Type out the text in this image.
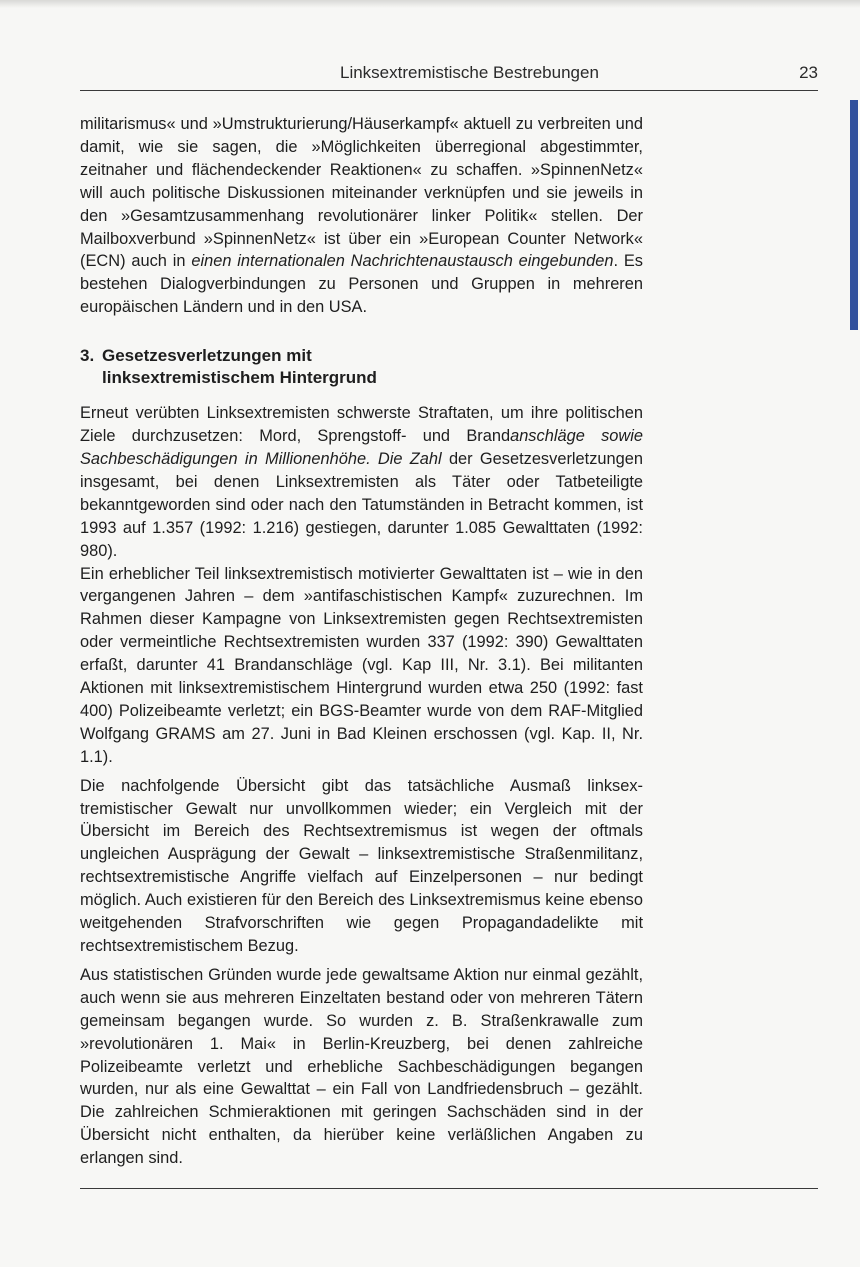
Linksextremistische Bestrebungen	23

militarismus« und »Umstrukturierung/Häuserkampf« aktuell zu verbreiten und damit, wie sie sagen, die »Möglichkeiten überregional abgestimmter, zeitnaher und flächendeckender Reaktionen« zu schaffen. »SpinnenNetz« will auch politische Diskussionen miteinander verknüpfen und sie jeweils in den »Gesamtzusammenhang revolutionärer linker Politik« stellen. Der Mailboxverbund »SpinnenNetz« ist über ein »European Counter Network« (ECN) auch in einen internationalen Nachrichtenaustausch eingebunden. Es bestehen Dialogverbindungen zu Personen und Gruppen in mehreren europäischen Ländern und in den USA.

3. Gesetzesverletzungen mit
linksextremistischem Hintergrund

Erneut verübten Linksextremisten schwerste Straftaten, um ihre politischen Ziele durchzusetzen: Mord, Sprengstoff- und Brandanschläge sowie Sachbeschädigungen in Millionenhöhe. Die Zahl der Gesetzesverletzungen insgesamt, bei denen Linksextremisten als Täter oder Tatbeteiligte bekanntgeworden sind oder nach den Tatumständen in Betracht kommen, ist 1993 auf 1.357 (1992: 1.216) gestiegen, darunter 1.085 Gewalttaten (1992: 980).

Ein erheblicher Teil linksextremistisch motivierter Gewalttaten ist – wie in den vergangenen Jahren – dem »antifaschistischen Kampf« zuzurechnen. Im Rahmen dieser Kampagne von Linksextremisten gegen Rechtsextremisten oder vermeintliche Rechtsextremisten wurden 337 (1992: 390) Gewalttaten erfaßt, darunter 41 Brandanschläge (vgl. Kap III, Nr. 3.1). Bei militanten Aktionen mit linksextremistischem Hintergrund wurden etwa 250 (1992: fast 400) Polizeibeamte verletzt; ein BGS-Beamter wurde von dem RAF-Mitglied Wolfgang GRAMS am 27. Juni in Bad Kleinen erschossen (vgl. Kap. II, Nr. 1.1).

Die nachfolgende Übersicht gibt das tatsächliche Ausmaß linksextremistischer Gewalt nur unvollkommen wieder; ein Vergleich mit der Übersicht im Bereich des Rechtsextremismus ist wegen der oftmals ungleichen Ausprägung der Gewalt – linksextremistische Straßenmilitanz, rechtsextremistische Angriffe vielfach auf Einzelpersonen – nur bedingt möglich. Auch existieren für den Bereich des Linksextremismus keine ebenso weitgehenden Strafvorschriften wie gegen Propagandadelikte mit rechtsextremistischem Bezug.

Aus statistischen Gründen wurde jede gewaltsame Aktion nur einmal gezählt, auch wenn sie aus mehreren Einzeltaten bestand oder von mehreren Tätern gemeinsam begangen wurde. So wurden z. B. Straßenkrawalle zum »revolutionären 1. Mai« in Berlin-Kreuzberg, bei denen zahlreiche Polizeibeamte verletzt und erhebliche Sachbeschädigungen begangen wurden, nur als eine Gewalttat – ein Fall von Landfriedensbruch – gezählt. Die zahlreichen Schmieraktionen mit geringen Sachschäden sind in der Übersicht nicht enthalten, da hierüber keine verläßlichen Angaben zu erlangen sind.
